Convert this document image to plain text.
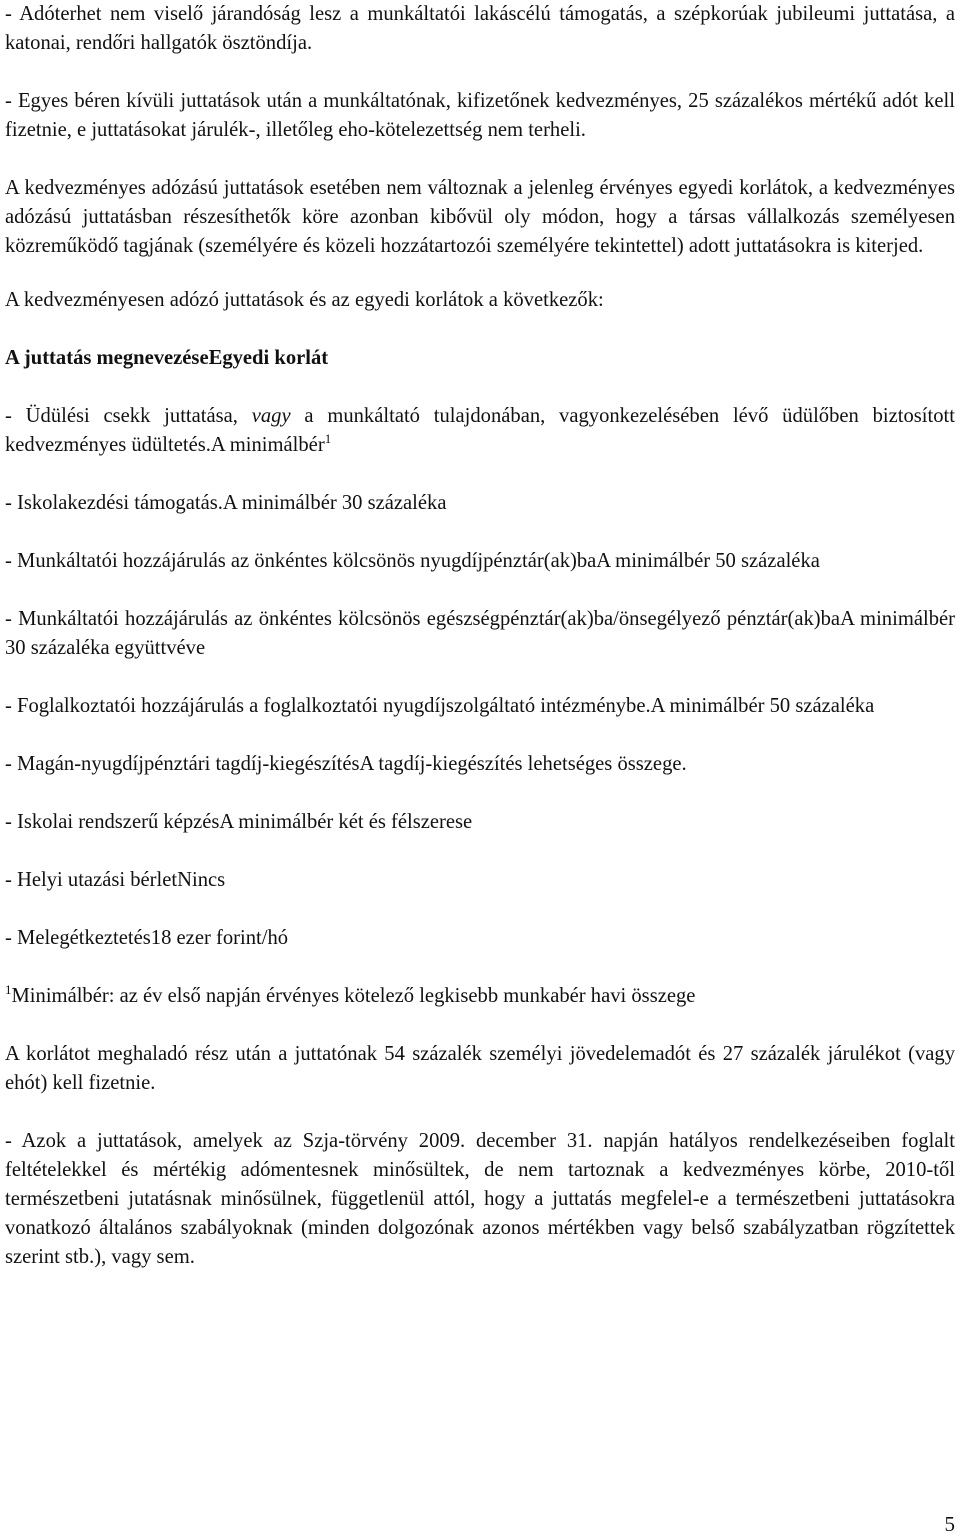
- Adóterhet nem viselő járandóság lesz a munkáltatói lakáscélú támogatás, a szépkorúak jubileumi juttatása, a katonai, rendőri hallgatók ösztöndíja.

- Egyes béren kívüli juttatások után a munkáltatónak, kifizetőnek kedvezményes, 25 százalékos mértékű adót kell fizetnie, e juttatásokat járulék-, illetőleg eho-kötelezettség nem terheli.

A kedvezményes adózású juttatások esetében nem változnak a jelenleg érvényes egyedi korlátok, a kedvezményes adózású juttatásban részesíthetők köre azonban kibővül oly módon, hogy a társas vállalkozás személyesen közreműködő tagjának (személyére és közeli hozzátartozói személyére tekintettel) adott juttatásokra is kiterjed.

A kedvezményesen adózó juttatások és az egyedi korlátok a következők:

A juttatás megnevezéseEgyedi korlát

- Üdülési csekk juttatása, vagy a munkáltató tulajdonában, vagyonkezelésében lévő üdülőben biztosított kedvezményes üdültetés.A minimálbér$^1$

- Iskolakezdési támogatás.A minimálbér 30 százaléka

- Munkáltatói hozzájárulás az önkéntes kölcsönös nyugdíjpénztár(ak)baA minimálbér 50 százaléka

- Munkáltatói hozzájárulás az önkéntes kölcsönös egészségpénztár(ak)ba/önsegélyező pénztár(ak)baA minimálbér 30 százaléka együttvéve

- Foglalkoztatói hozzájárulás a foglalkoztatói nyugdíjszolgáltató intézménybe.A minimálbér 50 százaléka

- Magán-nyugdíjpénztári tagdíj-kiegészítésA tagdíj-kiegészítés lehetséges összege.

- Iskolai rendszerű képzésA minimálbér két és félszerese

- Helyi utazási bérletNincs

- Melegétkeztetés18 ezer forint/hó

$^1$Minimálbér: az év első napján érvényes kötelező legkisebb munkabér havi összege

A korlátot meghaladó rész után a juttatónak 54 százalék személyi jövedelemadót és 27 százalék járulékot (vagy ehót) kell fizetnie.

- Azok a juttatások, amelyek az Szja-törvény 2009. december 31. napján hatályos rendelkezéseiben foglalt feltételekkel és mértékig adómentesnek minősültek, de nem tartoznak a kedvezményes körbe, 2010-től természetbeni jutatásnak minősülnek, függetlenül attól, hogy a juttatás megfelel-e a természetbeni juttatásokra vonatkozó általános szabályoknak (minden dolgozónak azonos mértékben vagy belső szabályzatban rögzítettek szerint stb.), vagy sem.

5
